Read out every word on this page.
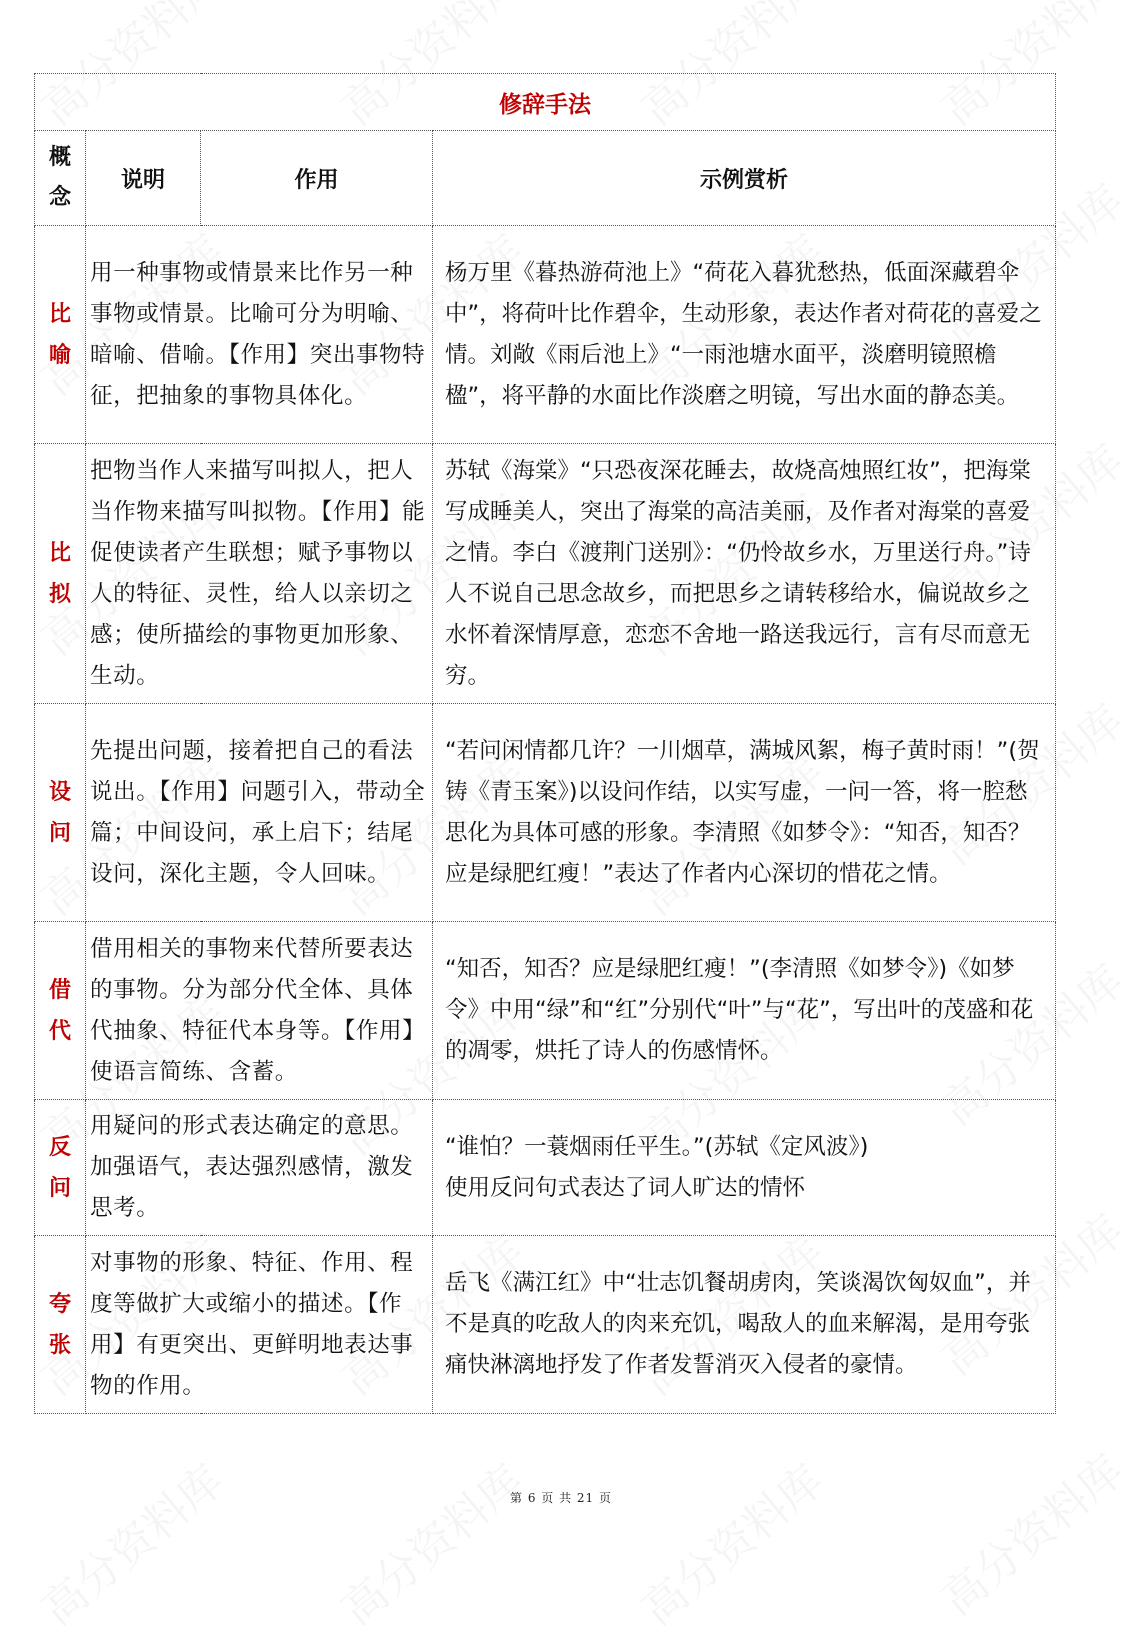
修辞手法			

概念	说明	作用	示例赏析

比喻	用一种事物或情景来比作另一种事物或情景。比喻可分为明喻、暗喻、借喻。【作用】突出事物特征，把抽象的事物具体化。		杨万里《暮热游荷池上》“荷花入暮犹愁热，低面深藏碧伞中”，将荷叶比作碧伞，生动形象，表达作者对荷花的喜爱之情。刘敞《雨后池上》“一雨池塘水面平，淡磨明镜照檐楹”，将平静的水面比作淡磨之明镜，写出水面的静态美。

比拟	把物当作人来描写叫拟人，把人当作物来描写叫拟物。【作用】能促使读者产生联想；赋予事物以人的特征、灵性，给人以亲切之感；使所描绘的事物更加形象、生动。		苏轼《海棠》“只恐夜深花睡去，故烧高烛照红妆”，把海棠写成睡美人，突出了海棠的高洁美丽，及作者对海棠的喜爱之情。李白《渡荆门送别》：“仍怜故乡水，万里送行舟。”诗人不说自己思念故乡，而把思乡之请转移给水，偏说故乡之水怀着深情厚意，恋恋不舍地一路送我远行，言有尽而意无穷。

设问	先提出问题，接着把自己的看法说出。【作用】问题引入，带动全篇；中间设问，承上启下；结尾设问，深化主题，令人回味。		“若问闲情都几许？一川烟草，满城风絮，梅子黄时雨！”(贺铸《青玉案》)以设问作结，以实写虚，一问一答，将一腔愁思化为具体可感的形象。李清照《如梦令》：“知否，知否？应是绿肥红瘦！”表达了作者内心深切的惜花之情。

借代	借用相关的事物来代替所要表达的事物。分为部分代全体、具体代抽象、特征代本身等。【作用】使语言简练、含蓄。		“知否，知否？应是绿肥红瘦！”(李清照《如梦令》)《如梦令》中用“绿”和“红”分别代“叶”与“花”，写出叶的茂盛和花的凋零，烘托了诗人的伤感情怀。

反问	用疑问的形式表达确定的意思。加强语气，表达强烈感情，激发思考。		“谁怕？一蓑烟雨任平生。”(苏轼《定风波》)
使用反问句式表达了词人旷达的情怀

夸张	对事物的形象、特征、作用、程度等做扩大或缩小的描述。【作用】有更突出、更鲜明地表达事物的作用。		岳飞《满江红》中“壮志饥餐胡虏肉，笑谈渴饮匈奴血”，并不是真的吃敌人的肉来充饥，喝敌人的血来解渴，是用夸张痛快淋漓地抒发了作者发誓消灭入侵者的豪情。
第 6 页 共 21 页
